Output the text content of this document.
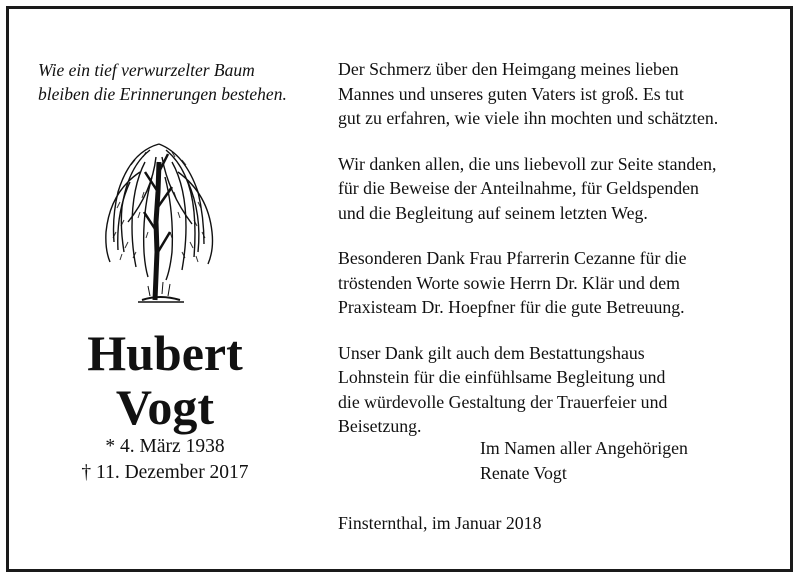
Wie ein tief verwurzelter Baum
bleiben die Erinnerungen bestehen.
Hubert
Vogt
* 4. März 1938
† 11. Dezember 2017
Der Schmerz über den Heimgang meines lieben
Mannes und unseres guten Vaters ist groß. Es tut
gut zu erfahren, wie viele ihn mochten und schätzten.
Wir danken allen, die uns liebevoll zur Seite standen,
für die Beweise der Anteilnahme, für Geldspenden
und die Begleitung auf seinem letzten Weg.
Besonderen Dank Frau Pfarrerin Cezanne für die
tröstenden Worte sowie Herrn Dr. Klär und dem
Praxisteam Dr. Hoepfner für die gute Betreuung.
Unser Dank gilt auch dem Bestattungshaus
Lohnstein für die einfühlsame Begleitung und
die würdevolle Gestaltung der Trauerfeier und
Beisetzung.
Im Namen aller Angehörigen
Renate Vogt
Finsternthal, im Januar 2018
